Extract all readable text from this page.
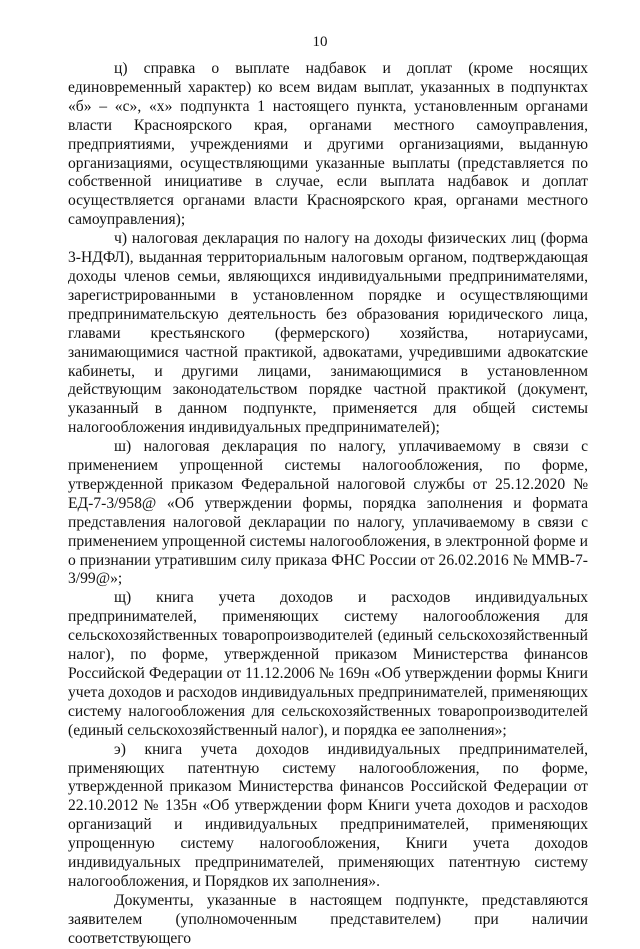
10

ц) справка о выплате надбавок и доплат (кроме носящих единовременный характер) ко всем видам выплат, указанных в подпунктах «б» – «с», «х» подпункта 1 настоящего пункта, установленным органами власти Красноярского края, органами местного самоуправления, предприятиями, учреждениями и другими организациями, выданную организациями, осуществляющими указанные выплаты (представляется по собственной инициативе в случае, если выплата надбавок и доплат осуществляется органами власти Красноярского края, органами местного самоуправления);

ч) налоговая декларация по налогу на доходы физических лиц (форма 3-НДФЛ), выданная территориальным налоговым органом, подтверждающая доходы членов семьи, являющихся индивидуальными предпринимателями, зарегистрированными в установленном порядке и осуществляющими предпринимательскую деятельность без образования юридического лица, главами крестьянского (фермерского) хозяйства, нотариусами, занимающимися частной практикой, адвокатами, учредившими адвокатские кабинеты, и другими лицами, занимающимися в установленном действующим законодательством порядке частной практикой (документ, указанный в данном подпункте, применяется для общей системы налогообложения индивидуальных предпринимателей);

ш) налоговая декларация по налогу, уплачиваемому в связи с применением упрощенной системы налогообложения, по форме, утвержденной приказом Федеральной налоговой службы от 25.12.2020 № ЕД-7-3/958@ «Об утверждении формы, порядка заполнения и формата представления налоговой декларации по налогу, уплачиваемому в связи с применением упрощенной системы налогообложения, в электронной форме и о признании утратившим силу приказа ФНС России от 26.02.2016 № ММВ-7-3/99@»;

щ) книга учета доходов и расходов индивидуальных предпринимателей, применяющих систему налогообложения для сельскохозяйственных товаропроизводителей (единый сельскохозяйственный налог), по форме, утвержденной приказом Министерства финансов Российской Федерации от 11.12.2006 № 169н «Об утверждении формы Книги учета доходов и расходов индивидуальных предпринимателей, применяющих систему налогообложения для сельскохозяйственных товаропроизводителей (единый сельскохозяйственный налог), и порядка ее заполнения»;

э) книга учета доходов индивидуальных предпринимателей, применяющих патентную систему налогообложения, по форме, утвержденной приказом Министерства финансов Российской Федерации от 22.10.2012 № 135н «Об утверждении форм Книги учета доходов и расходов организаций и индивидуальных предпринимателей, применяющих упрощенную систему налогообложения, Книги учета доходов индивидуальных предпринимателей, применяющих патентную систему налогообложения, и Порядков их заполнения».

Документы, указанные в настоящем подпункте, представляются заявителем (уполномоченным представителем) при наличии соответствующего
